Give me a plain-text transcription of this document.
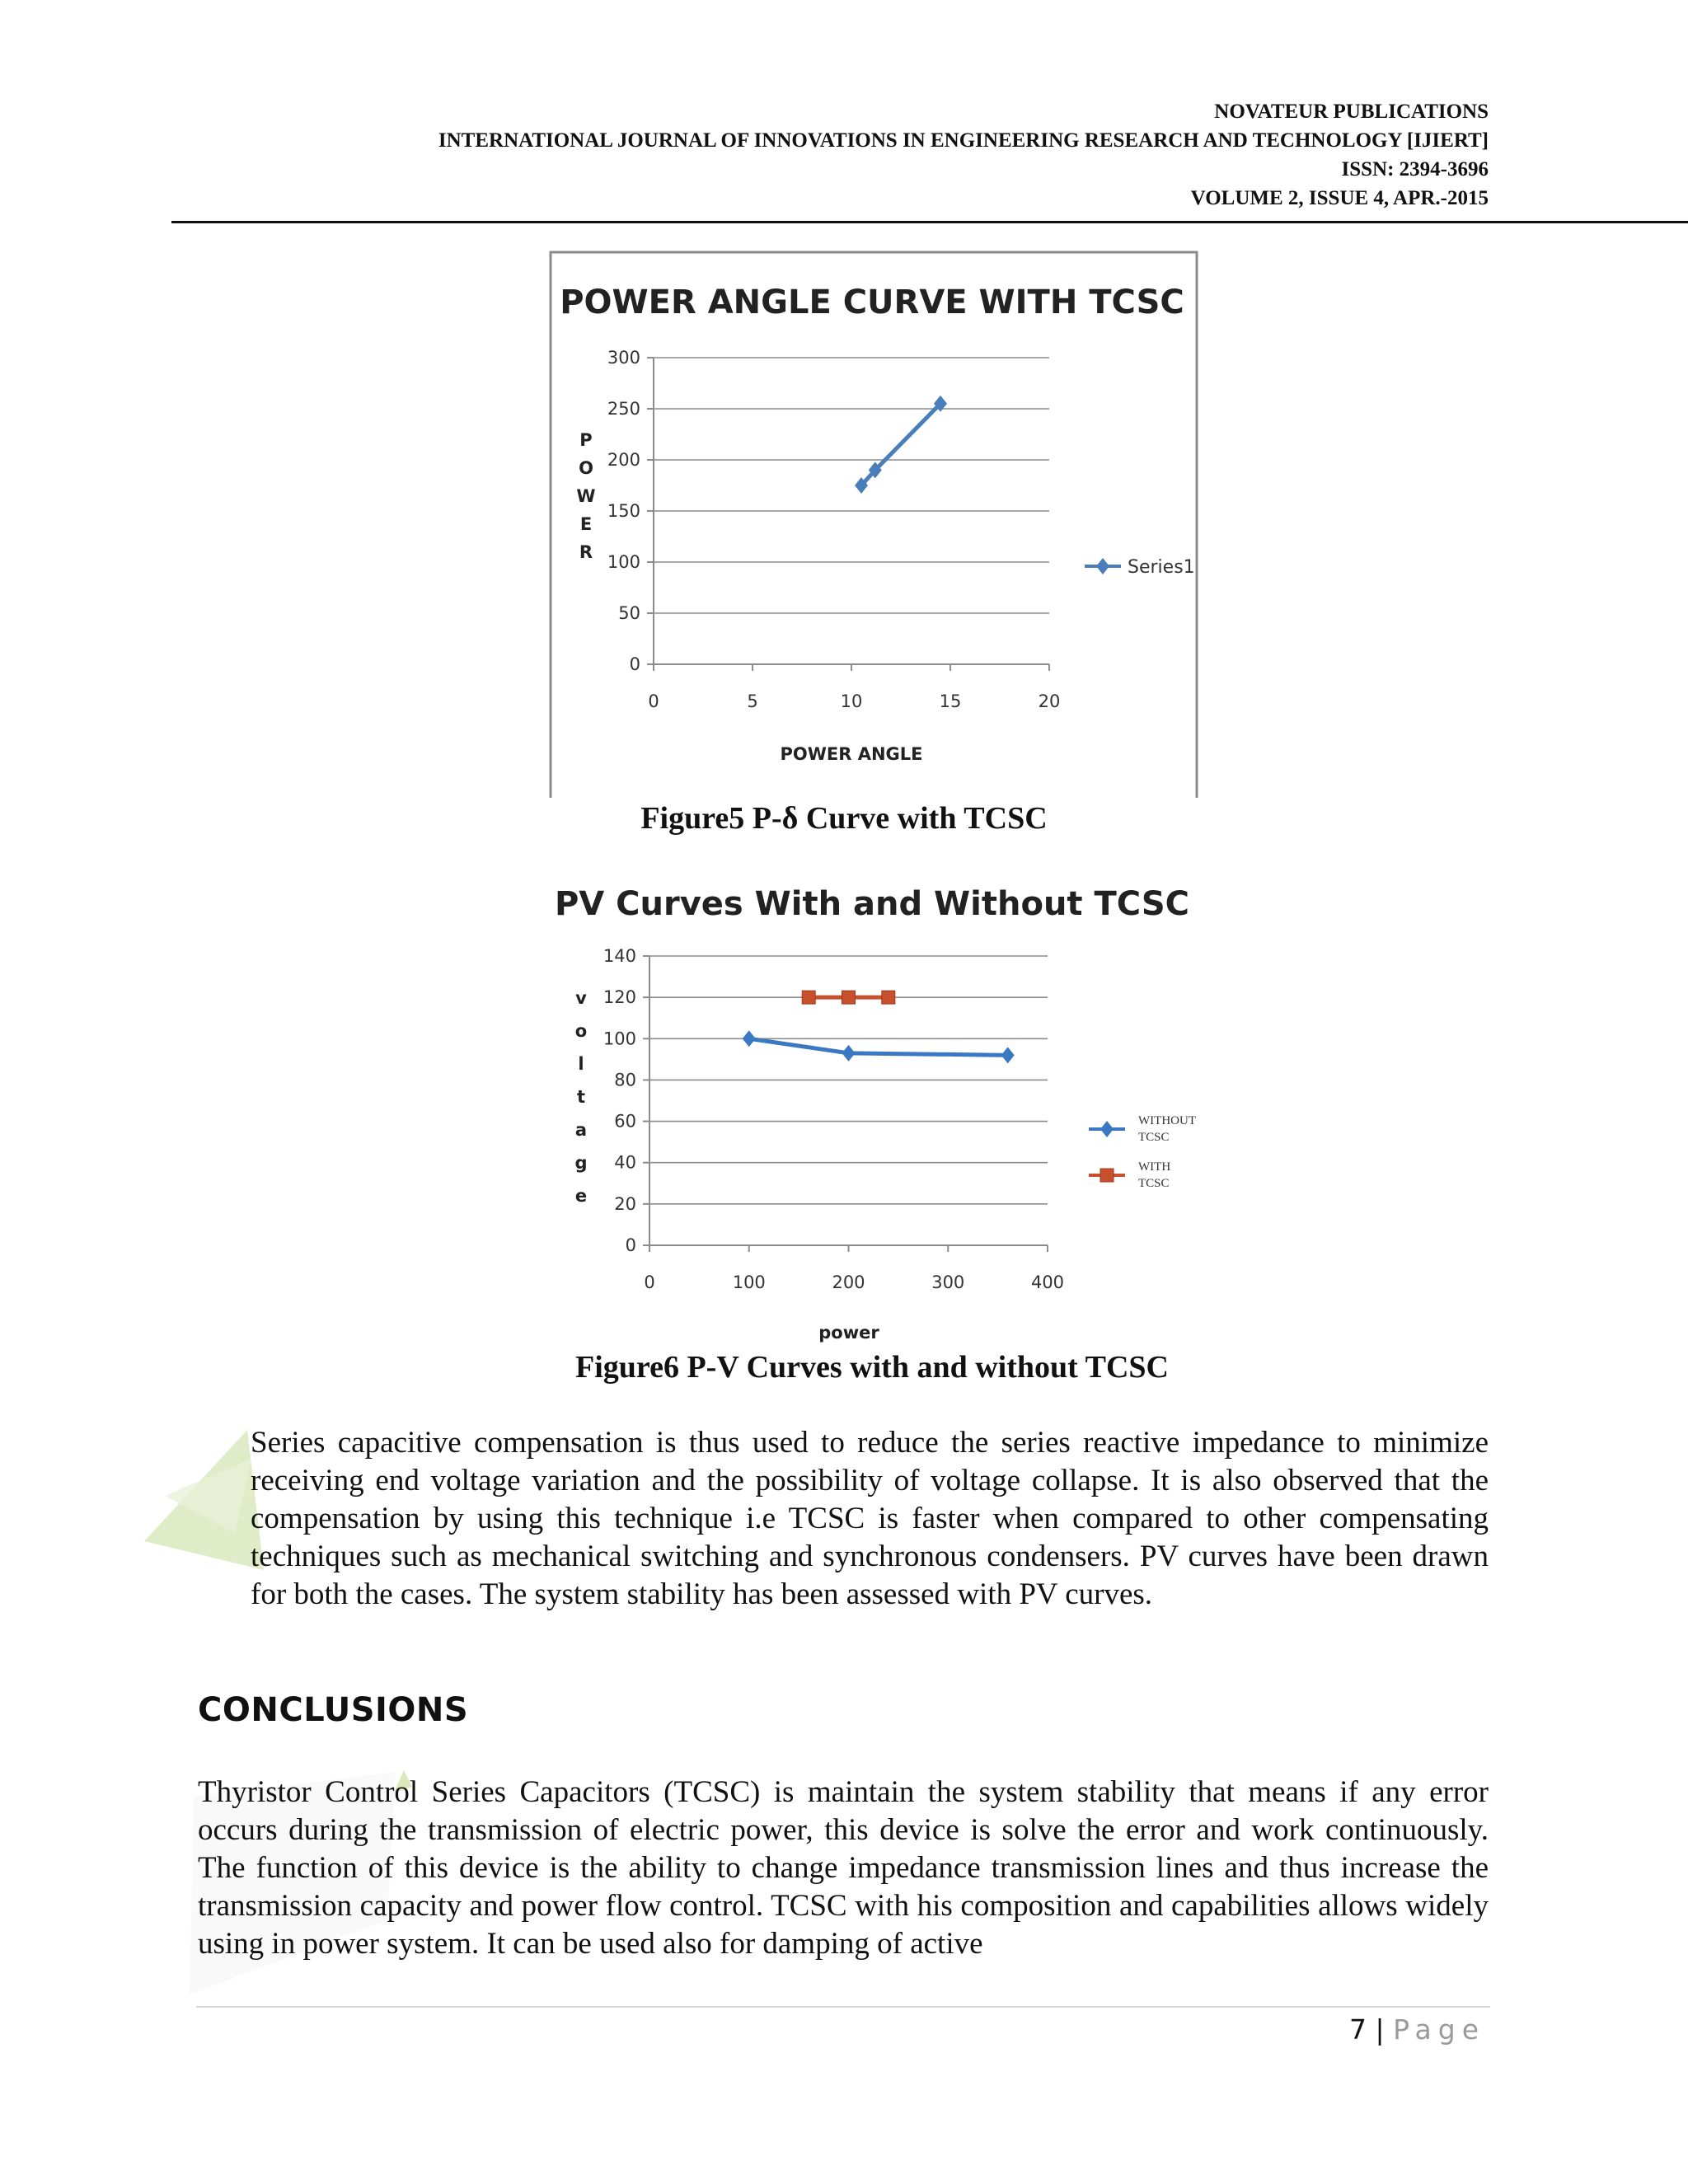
NOVATEUR PUBLICATIONS
INTERNATIONAL JOURNAL OF INNOVATIONS IN ENGINEERING RESEARCH AND TECHNOLOGY [IJIERT]
ISSN: 2394-3696
VOLUME 2, ISSUE 4, APR.-2015
POWER ANGLE CURVE WITH TCSC
0
50
100
150
200
250
300
0	5	10	15	20
P
O
W
E
R
POWER ANGLE
Series1
Figure5 P-δ Curve with TCSC
PV Curves With and Without TCSC
0
20
40
60
80
100
120
140
0	100	200	300	400
v
o
l
t
a
g
e
power
WITHOUT
TCSC
WITH
TCSC
Figure6 P-V Curves with and without TCSC
Series capacitive compensation is thus used to reduce the series reactive impedance to minimize receiving end voltage variation and the possibility of voltage collapse. It is also observed that the compensation by using this technique i.e TCSC is faster when compared to other compensating techniques such as mechanical switching and synchronous condensers. PV curves have been drawn for both the cases. The system stability has been assessed with PV curves.
CONCLUSIONS
Thyristor Control Series Capacitors (TCSC) is maintain the system stability that means if any error occurs during the transmission of electric power, this device is solve the error and work continuously. The function of this device is the ability to change impedance transmission lines and thus increase the transmission capacity and power flow control. TCSC with his composition and capabilities allows widely using in power system. It can be used also for damping of active
7 | Page
